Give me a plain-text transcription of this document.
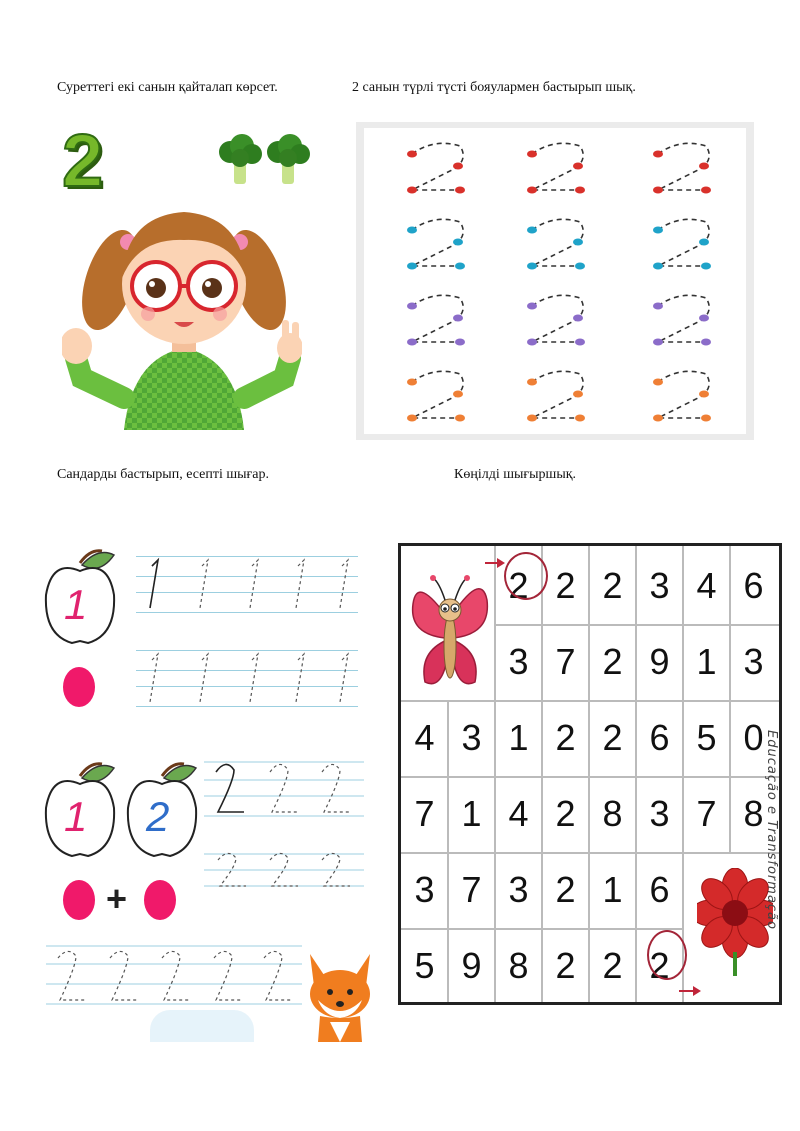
Суреттегі екі санын қайталап көрсет.	2 санын түрлі түсті бояулармен бастырып шық.
Сандарды бастырып, есепті шығар.	Көңілді шығыршық.
2
1
1 2
+
2 2 2 3 4 6
3 7 2 9 1 3
4 3 1 2 2 6 5 0
7 1 4 2 8 3 7 8
3 7 3 2 1 6
5 9 8 2 2 2
Educação e Transformação
